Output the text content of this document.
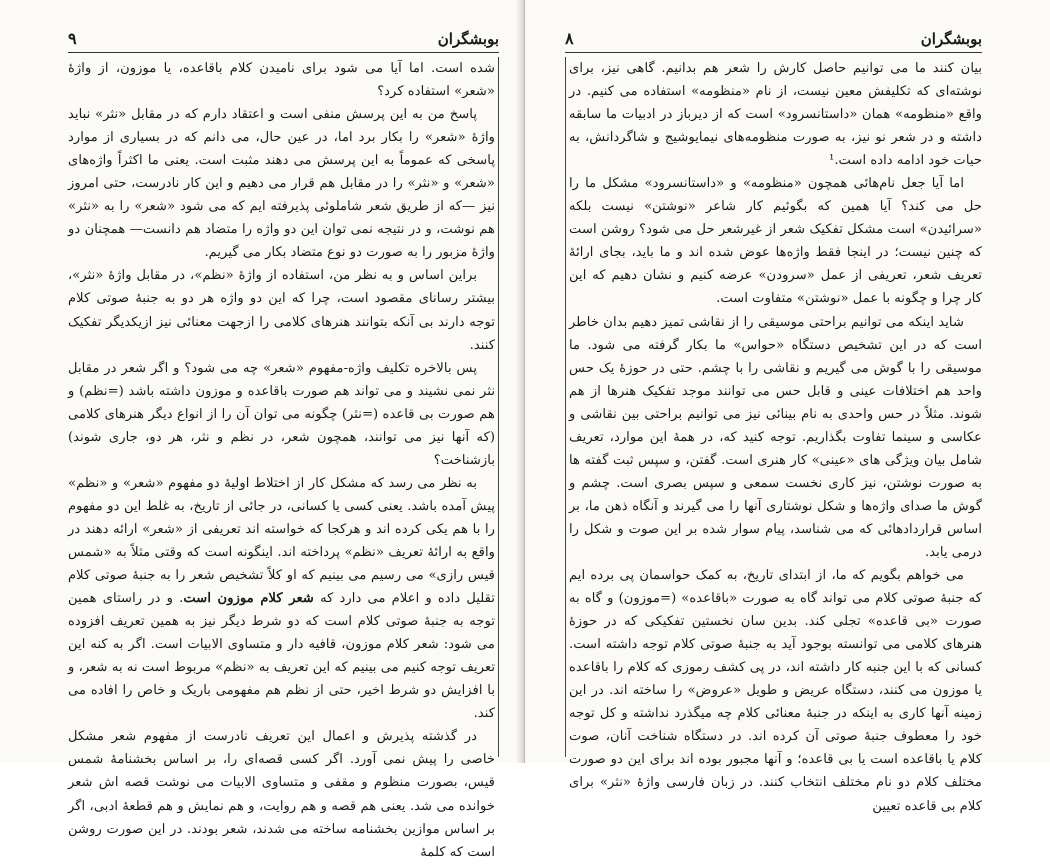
بوبشگران
۹

شده است. اما آیا می شود برای نامیدن کلام باقاعده، یا موزون، از واژهٔ «شعر» استفاده کرد؟

پاسخ من به این پرسش منفی است و اعتقاد دارم که در مقابل «نثر» نباید واژهٔ «شعر» را بکار برد اما، در عین حال، می دانم که در بسیاری از موارد پاسخی که عموماً به این پرسش می دهند مثبت است. یعنی ما اکثراً واژه‌های «شعر» و «نثر» را در مقابل هم قرار می دهیم و این کار نادرست، حتی امروز نیز —که از طریق شعر شاملوئی پذیرفته ایم که می شود «شعر» را به «نثر» هم نوشت، و در نتیجه نمی توان این دو واژه را متضاد هم دانست— همچنان دو واژهٔ مزبور را به صورت دو نوع متضاد بکار می گیریم.

براین اساس و به نظر من، استفاده از واژهٔ «نظم»، در مقابل واژهٔ «نثر»، بیشتر رسانای مقصود است، چرا که این دو واژه هر دو به جنبهٔ صوتی کلام توجه دارند بی آنکه بتوانند هنرهای کلامی را ازجهت معنائی نیز ازیکدیگر تفکیک کنند.

پس بالاخره تکلیف واژه-مفهوم «شعر» چه می شود؟ و اگر شعر در مقابل نثر نمی نشیند و می تواند هم صورت باقاعده و موزون داشته باشد (=نظم) و هم صورت بی قاعده (=نثر) چگونه می توان آن را از انواع دیگر هنرهای کلامی (که آنها نیز می توانند، همچون شعر، در نظم و نثر، هر دو، جاری شوند) بازشناخت؟

به نظر می رسد که مشکل کار از اختلاط اولیهٔ دو مفهوم «شعر» و «نظم» پیش آمده باشد. یعنی کسی یا کسانی، در جائی از تاریخ، به غلط این دو مفهوم را با هم یکی کرده اند و هرکجا که خواسته اند تعریفی از «شعر» ارائه دهند در واقع به ارائهٔ تعریف «نظم» پرداخته اند. اینگونه است که وقتی مثلاً به «شمس قیس رازی» می رسیم می بینیم که او کلاً تشخیص شعر را به جنبهٔ صوتی کلام تقلیل داده و اعلام می دارد که شعر کلام موزون است. و در راستای همین توجه به جنبهٔ صوتی کلام است که دو شرط دیگر نیز به همین تعریف افزوده می شود: شعر کلام موزون، قافیه دار و متساوی الابیات است. اگر به کنه این تعریف توجه کنیم می بینیم که این تعریف به «نظم» مربوط است نه به شعر، و با افزایش دو شرط اخیر، حتی از نظم هم مفهومی باریک و خاص را افاده می کند.

در گذشته پذیرش و اعمال این تعریف نادرست از مفهوم شعر مشکل خاصی را پیش نمی آورد. اگر کسی قصه‌ای را، بر اساس بخشنامهٔ شمس قیس، بصورت منظوم و مقفی و متساوی الابیات می نوشت قصه اش شعر خوانده می شد. یعنی هم قصه و هم روایت، و هم نمایش و هم قطعهٔ ادبی، اگر بر اساس موازین بخشنامه ساخته می شدند، شعر بودند. در این صورت روشن است که کلمهٔ

بوبشگران
۸

بیان کنند ما می توانیم حاصل کارش را شعر هم بدانیم. گاهی نیز، برای نوشته‌ای که تکلیفش معین نیست، از نام «منظومه» استفاده می کنیم. در واقع «منظومه» همان «داستانسرود» است که از دیرباز در ادبیات ما سابقه داشته و در شعر نو نیز، به صورت منظومه‌های نیمایوشیج و شاگردانش، به حیات خود ادامه داده است.¹

اما آیا جعل نام‌هائی همچون «منظومه» و «داستانسرود» مشکل ما را حل می کند؟ آیا همین که بگوئیم کار شاعر «نوشتن» نیست بلکه «سرائیدن» است مشکل تفکیک شعر از غیرشعر حل می شود؟ روشن است که چنین نیست؛ در اینجا فقط واژه‌ها عوض شده اند و ما باید، بجای ارائهٔ تعریف شعر، تعریفی از عمل «سرودن» عرضه کنیم و نشان دهیم که این کار چرا و چگونه با عمل «نوشتن» متفاوت است.

شاید اینکه می توانیم براحتی موسیقی را از نقاشی تمیز دهیم بدان خاطر است که در این تشخیص دستگاه «حواس» ما بکار گرفته می شود. ما موسیقی را با گوش می گیریم و نقاشی را با چشم. حتی در حوزهٔ یک حس واحد هم اختلافات عینی و قابل حس می توانند موجد تفکیک هنرها از هم شوند. مثلاً در حس واحدی به نام بینائی نیز می توانیم براحتی بین نقاشی و عکاسی و سینما تفاوت بگذاریم. توجه کنید که، در همهٔ این موارد، تعریف شامل بیان ویژگی های «عینی» کار هنری است. گفتن، و سپس ثبت گفته ها به صورت نوشتن، نیز کاری نخست سمعی و سپس بصری است. چشم و گوش ما صدای واژه‌ها و شکل نوشتاری آنها را می گیرند و آنگاه ذهن ما، بر اساس قراردادهائی که می شناسد، پیام سوار شده بر این صوت و شکل را درمی یابد.

می خواهم بگویم که ما، از ابتدای تاریخ، به کمک حواسمان پی برده ایم که جنبهٔ صوتی کلام می تواند گاه به صورت «باقاعده» (=موزون) و گاه به صورت «بی قاعده» تجلی کند. بدین سان نخستین تفکیکی که در حوزهٔ هنرهای کلامی می توانسته بوجود آید به جنبهٔ صوتی کلام توجه داشته است. کسانی که با این جنبه کار داشته اند، در پی کشف رموزی که کلام را باقاعده یا موزون می کنند، دستگاه عریض و طویل «عروض» را ساخته اند. در این زمینه آنها کاری به اینکه در جنبهٔ معنائی کلام چه میگذرد نداشته و کل توجه خود را معطوف جنبهٔ صوتی آن کرده اند. در دستگاه شناخت آنان، صوت کلام یا باقاعده است یا بی قاعده؛ و آنها مجبور بوده اند برای این دو صورت مختلف کلام دو نام مختلف انتخاب کنند. در زبان فارسی واژهٔ «نثر» برای کلام بی قاعده تعیین
